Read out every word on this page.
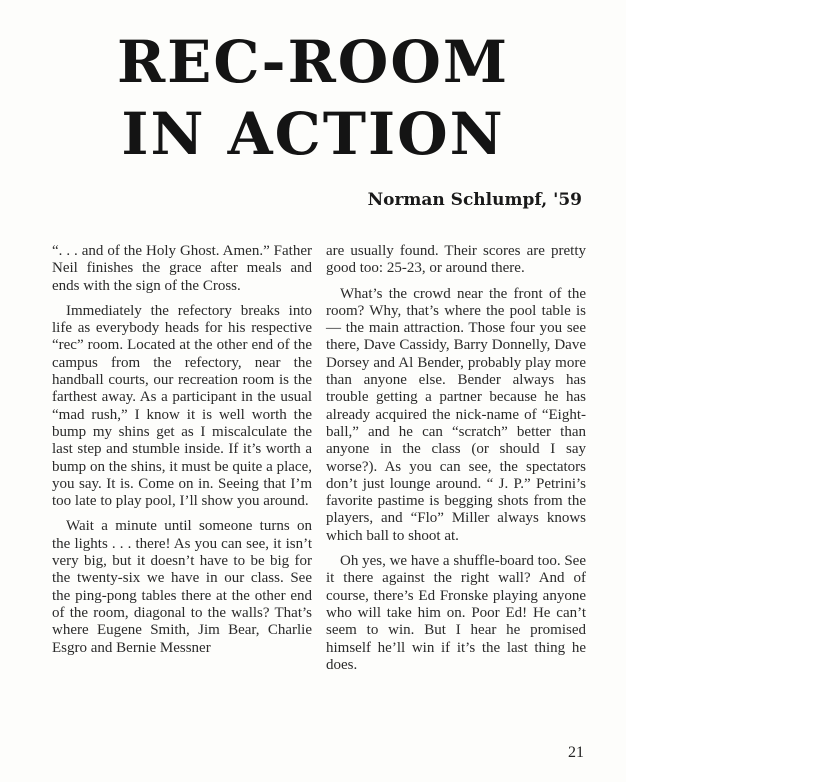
REC-ROOM
IN ACTION
Norman Schlumpf, '59

“. . . and of the Holy Ghost. Amen.” Father Neil finishes the grace after meals and ends with the sign of the Cross.

Immediately the refectory breaks into life as everybody heads for his respective “rec” room. Located at the other end of the campus from the refectory, near the handball courts, our recreation room is the farthest away. As a participant in the usual “mad rush,” I know it is well worth the bump my shins get as I miscalculate the last step and stumble inside. If it’s worth a bump on the shins, it must be quite a place, you say. It is. Come on in. Seeing that I’m too late to play pool, I’ll show you around.

Wait a minute until someone turns on the lights . . . there! As you can see, it isn’t very big, but it doesn’t have to be big for the twenty-six we have in our class. See the ping-pong tables there at the other end of the room, diagonal to the walls? That’s where Eugene Smith, Jim Bear, Charlie Esgro and Bernie Messner

are usually found. Their scores are pretty good too: 25-23, or around there.

What’s the crowd near the front of the room? Why, that’s where the pool table is — the main attraction. Those four you see there, Dave Cassidy, Barry Donnelly, Dave Dorsey and Al Bender, probably play more than anyone else. Bender always has trouble getting a partner because he has already acquired the nick-name of “Eight-ball,” and he can “scratch” better than anyone in the class (or should I say worse?). As you can see, the spectators don’t just lounge around. “ J. P.” Petrini’s favorite pastime is begging shots from the players, and “Flo” Miller always knows which ball to shoot at.

Oh yes, we have a shuffle-board too. See it there against the right wall? And of course, there’s Ed Fronske playing anyone who will take him on. Poor Ed! He can’t seem to win. But I hear he promised himself he’ll win if it’s the last thing he does.

21
